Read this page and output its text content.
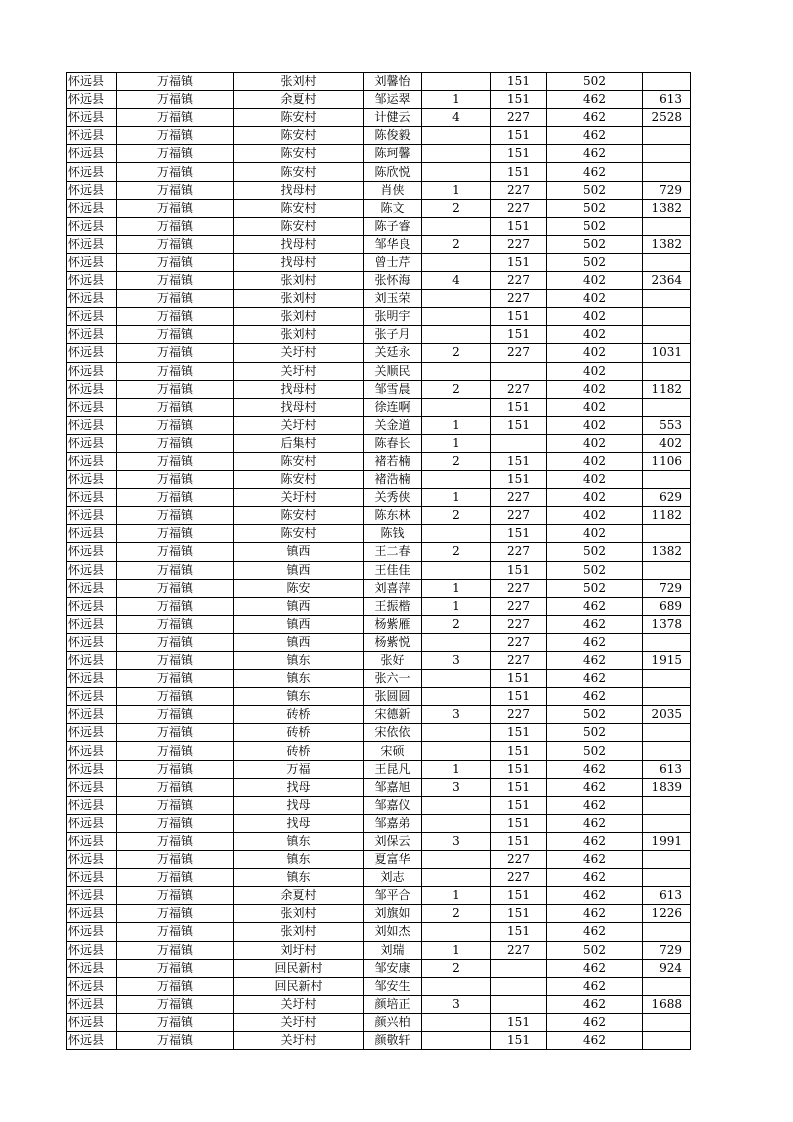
怀远县	万福镇	张刘村	刘馨怡		151	502	
怀远县	万福镇	余夏村	邹运翠	1	151	462	613
怀远县	万福镇	陈安村	计健云	4	227	462	2528
怀远县	万福镇	陈安村	陈俊毅		151	462	
怀远县	万福镇	陈安村	陈珂馨		151	462	
怀远县	万福镇	陈安村	陈欣悦		151	462	
怀远县	万福镇	找母村	肖侠	1	227	502	729
怀远县	万福镇	陈安村	陈文	2	227	502	1382
怀远县	万福镇	陈安村	陈子睿		151	502	
怀远县	万福镇	找母村	邹华良	2	227	502	1382
怀远县	万福镇	找母村	曾士芹		151	502	
怀远县	万福镇	张刘村	张怀海	4	227	402	2364
怀远县	万福镇	张刘村	刘玉荣		227	402	
怀远县	万福镇	张刘村	张明宇		151	402	
怀远县	万福镇	张刘村	张子月		151	402	
怀远县	万福镇	关圩村	关廷永	2	227	402	1031
怀远县	万福镇	关圩村	关顺民			402	
怀远县	万福镇	找母村	邹雪晨	2	227	402	1182
怀远县	万福镇	找母村	徐连啊		151	402	
怀远县	万福镇	关圩村	关金道	1	151	402	553
怀远县	万福镇	后集村	陈春长	1		402	402
怀远县	万福镇	陈安村	褚若楠	2	151	402	1106
怀远县	万福镇	陈安村	褚浩楠		151	402	
怀远县	万福镇	关圩村	关秀侠	1	227	402	629
怀远县	万福镇	陈安村	陈东林	2	227	402	1182
怀远县	万福镇	陈安村	陈钱		151	402	
怀远县	万福镇	镇西	王二春	2	227	502	1382
怀远县	万福镇	镇西	王佳佳		151	502	
怀远县	万福镇	陈安	刘喜萍	1	227	502	729
怀远县	万福镇	镇西	王振楷	1	227	462	689
怀远县	万福镇	镇西	杨紫雁	2	227	462	1378
怀远县	万福镇	镇西	杨紫悦		227	462	
怀远县	万福镇	镇东	张好	3	227	462	1915
怀远县	万福镇	镇东	张六一		151	462	
怀远县	万福镇	镇东	张圆圆		151	462	
怀远县	万福镇	砖桥	宋德新	3	227	502	2035
怀远县	万福镇	砖桥	宋依依		151	502	
怀远县	万福镇	砖桥	宋硕		151	502	
怀远县	万福镇	万福	王昆凡	1	151	462	613
怀远县	万福镇	找母	邹嘉旭	3	151	462	1839
怀远县	万福镇	找母	邹嘉仪		151	462	
怀远县	万福镇	找母	邹嘉弟		151	462	
怀远县	万福镇	镇东	刘保云	3	151	462	1991
怀远县	万福镇	镇东	夏富华		227	462	
怀远县	万福镇	镇东	刘志		227	462	
怀远县	万福镇	余夏村	邹平合	1	151	462	613
怀远县	万福镇	张刘村	刘旗如	2	151	462	1226
怀远县	万福镇	张刘村	刘如杰		151	462	
怀远县	万福镇	刘圩村	刘瑞	1	227	502	729
怀远县	万福镇	回民新村	邹安康	2		462	924
怀远县	万福镇	回民新村	邹安生			462	
怀远县	万福镇	关圩村	颜培正	3		462	1688
怀远县	万福镇	关圩村	颜兴柏		151	462	
怀远县	万福镇	关圩村	颜敬轩		151	462	
